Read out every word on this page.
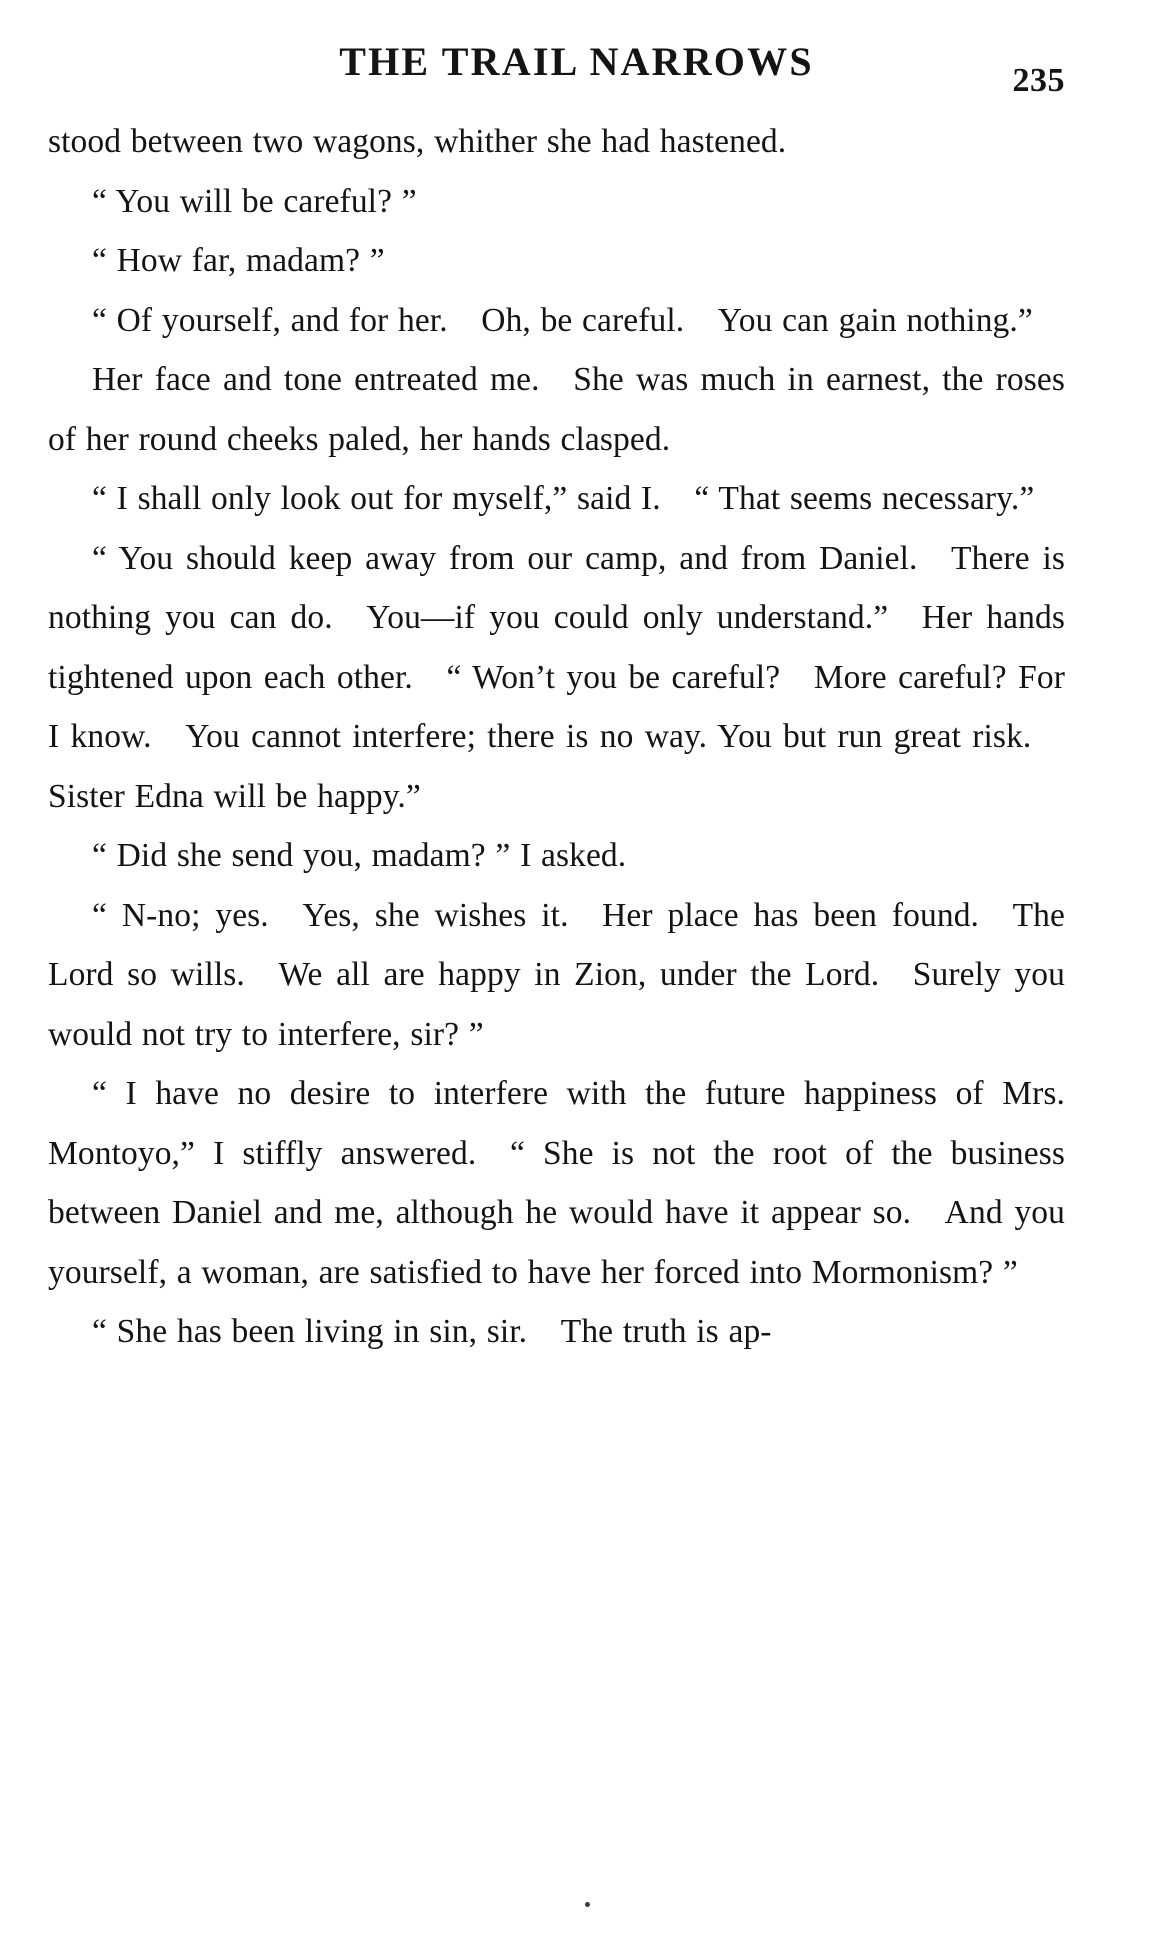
THE TRAIL NARROWS	235

stood between two wagons, whither she had hastened.

“ You will be careful? ”

“ How far, madam? ”

“ Of yourself, and for her. Oh, be careful. You can gain nothing.”

Her face and tone entreated me. She was much in earnest, the roses of her round cheeks paled, her hands clasped.

“ I shall only look out for myself,” said I. “ That seems necessary.”

“ You should keep away from our camp, and from Daniel. There is nothing you can do. You—if you could only understand.” Her hands tightened upon each other. “ Won’t you be careful? More careful? For I know. You cannot interfere; there is no way. You but run great risk. Sister Edna will be happy.”

“ Did she send you, madam? ” I asked.

“ N-no; yes. Yes, she wishes it. Her place has been found. The Lord so wills. We all are happy in Zion, under the Lord. Surely you would not try to interfere, sir? ”

“ I have no desire to interfere with the future happiness of Mrs. Montoyo,” I stiffly answered. “ She is not the root of the business between Daniel and me, although he would have it appear so. And you yourself, a woman, are satisfied to have her forced into Mormonism? ”

“ She has been living in sin, sir. The truth is ap-
